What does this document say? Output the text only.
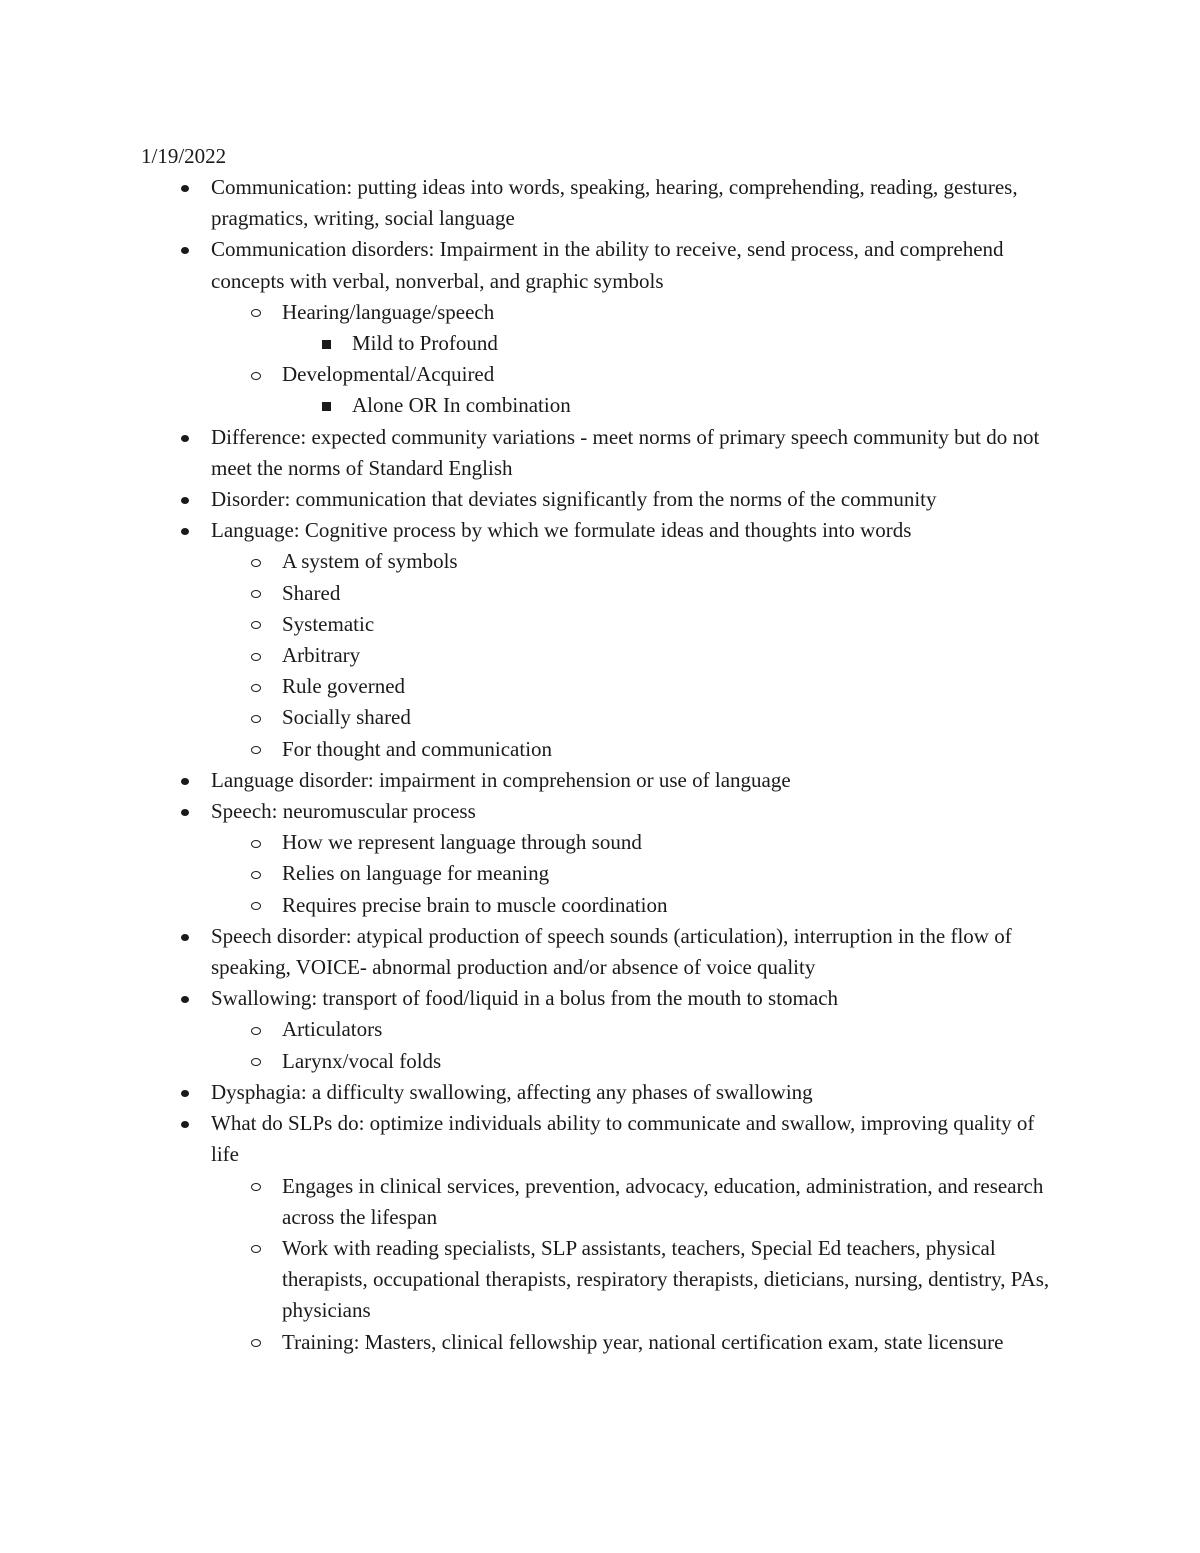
1/19/2022

Communication: putting ideas into words, speaking, hearing, comprehending, reading, gestures, pragmatics, writing, social language
Communication disorders: Impairment in the ability to receive, send process, and comprehend concepts with verbal, nonverbal, and graphic symbols
Hearing/language/speech
Mild to Profound
Developmental/Acquired
Alone OR In combination
Difference: expected community variations - meet norms of primary speech community but do not meet the norms of Standard English
Disorder: communication that deviates significantly from the norms of the community
Language: Cognitive process by which we formulate ideas and thoughts into words
A system of symbols
Shared
Systematic
Arbitrary
Rule governed
Socially shared
For thought and communication
Language disorder: impairment in comprehension or use of language
Speech: neuromuscular process
How we represent language through sound
Relies on language for meaning
Requires precise brain to muscle coordination
Speech disorder: atypical production of speech sounds (articulation), interruption in the flow of speaking, VOICE- abnormal production and/or absence of voice quality
Swallowing: transport of food/liquid in a bolus from the mouth to stomach
Articulators
Larynx/vocal folds
Dysphagia: a difficulty swallowing, affecting any phases of swallowing
What do SLPs do: optimize individuals ability to communicate and swallow, improving quality of life
Engages in clinical services, prevention, advocacy, education, administration, and research across the lifespan
Work with reading specialists, SLP assistants, teachers, Special Ed teachers, physical therapists, occupational therapists, respiratory therapists, dieticians, nursing, dentistry, PAs, physicians
Training: Masters, clinical fellowship year, national certification exam, state licensure
